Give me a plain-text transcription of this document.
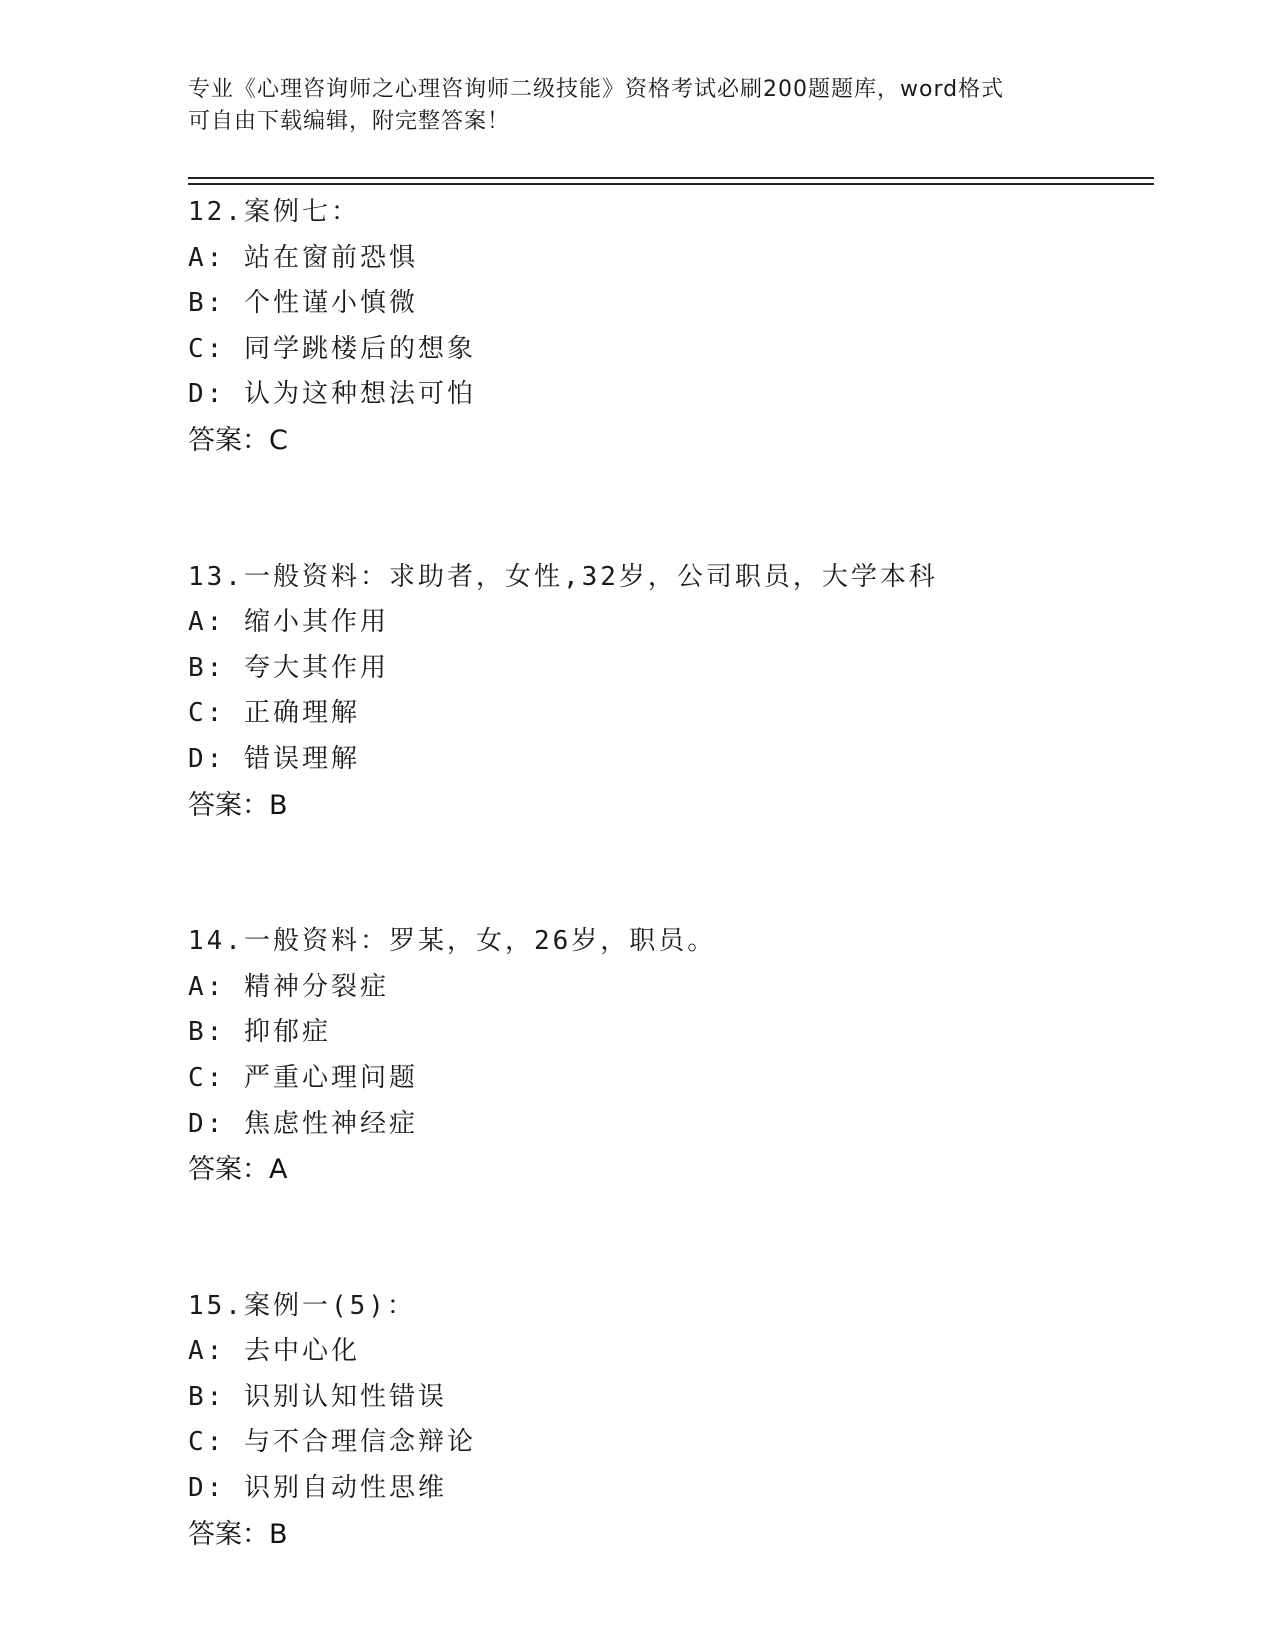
专业《心理咨询师之心理咨询师二级技能》资格考试必刷200题题库，word格式
可自由下载编辑，附完整答案！
12.案例七：
A: 站在窗前恐惧
B: 个性谨小慎微
C: 同学跳楼后的想象
D: 认为这种想法可怕
答案：C
13.一般资料：求助者，女性,32岁，公司职员，大学本科
A: 缩小其作用
B: 夸大其作用
C: 正确理解
D: 错误理解
答案：B
14.一般资料：罗某，女，26岁，职员。
A: 精神分裂症
B: 抑郁症
C: 严重心理问题
D: 焦虑性神经症
答案：A
15.案例一(5)：
A: 去中心化
B: 识别认知性错误
C: 与不合理信念辩论
D: 识别自动性思维
答案：B
